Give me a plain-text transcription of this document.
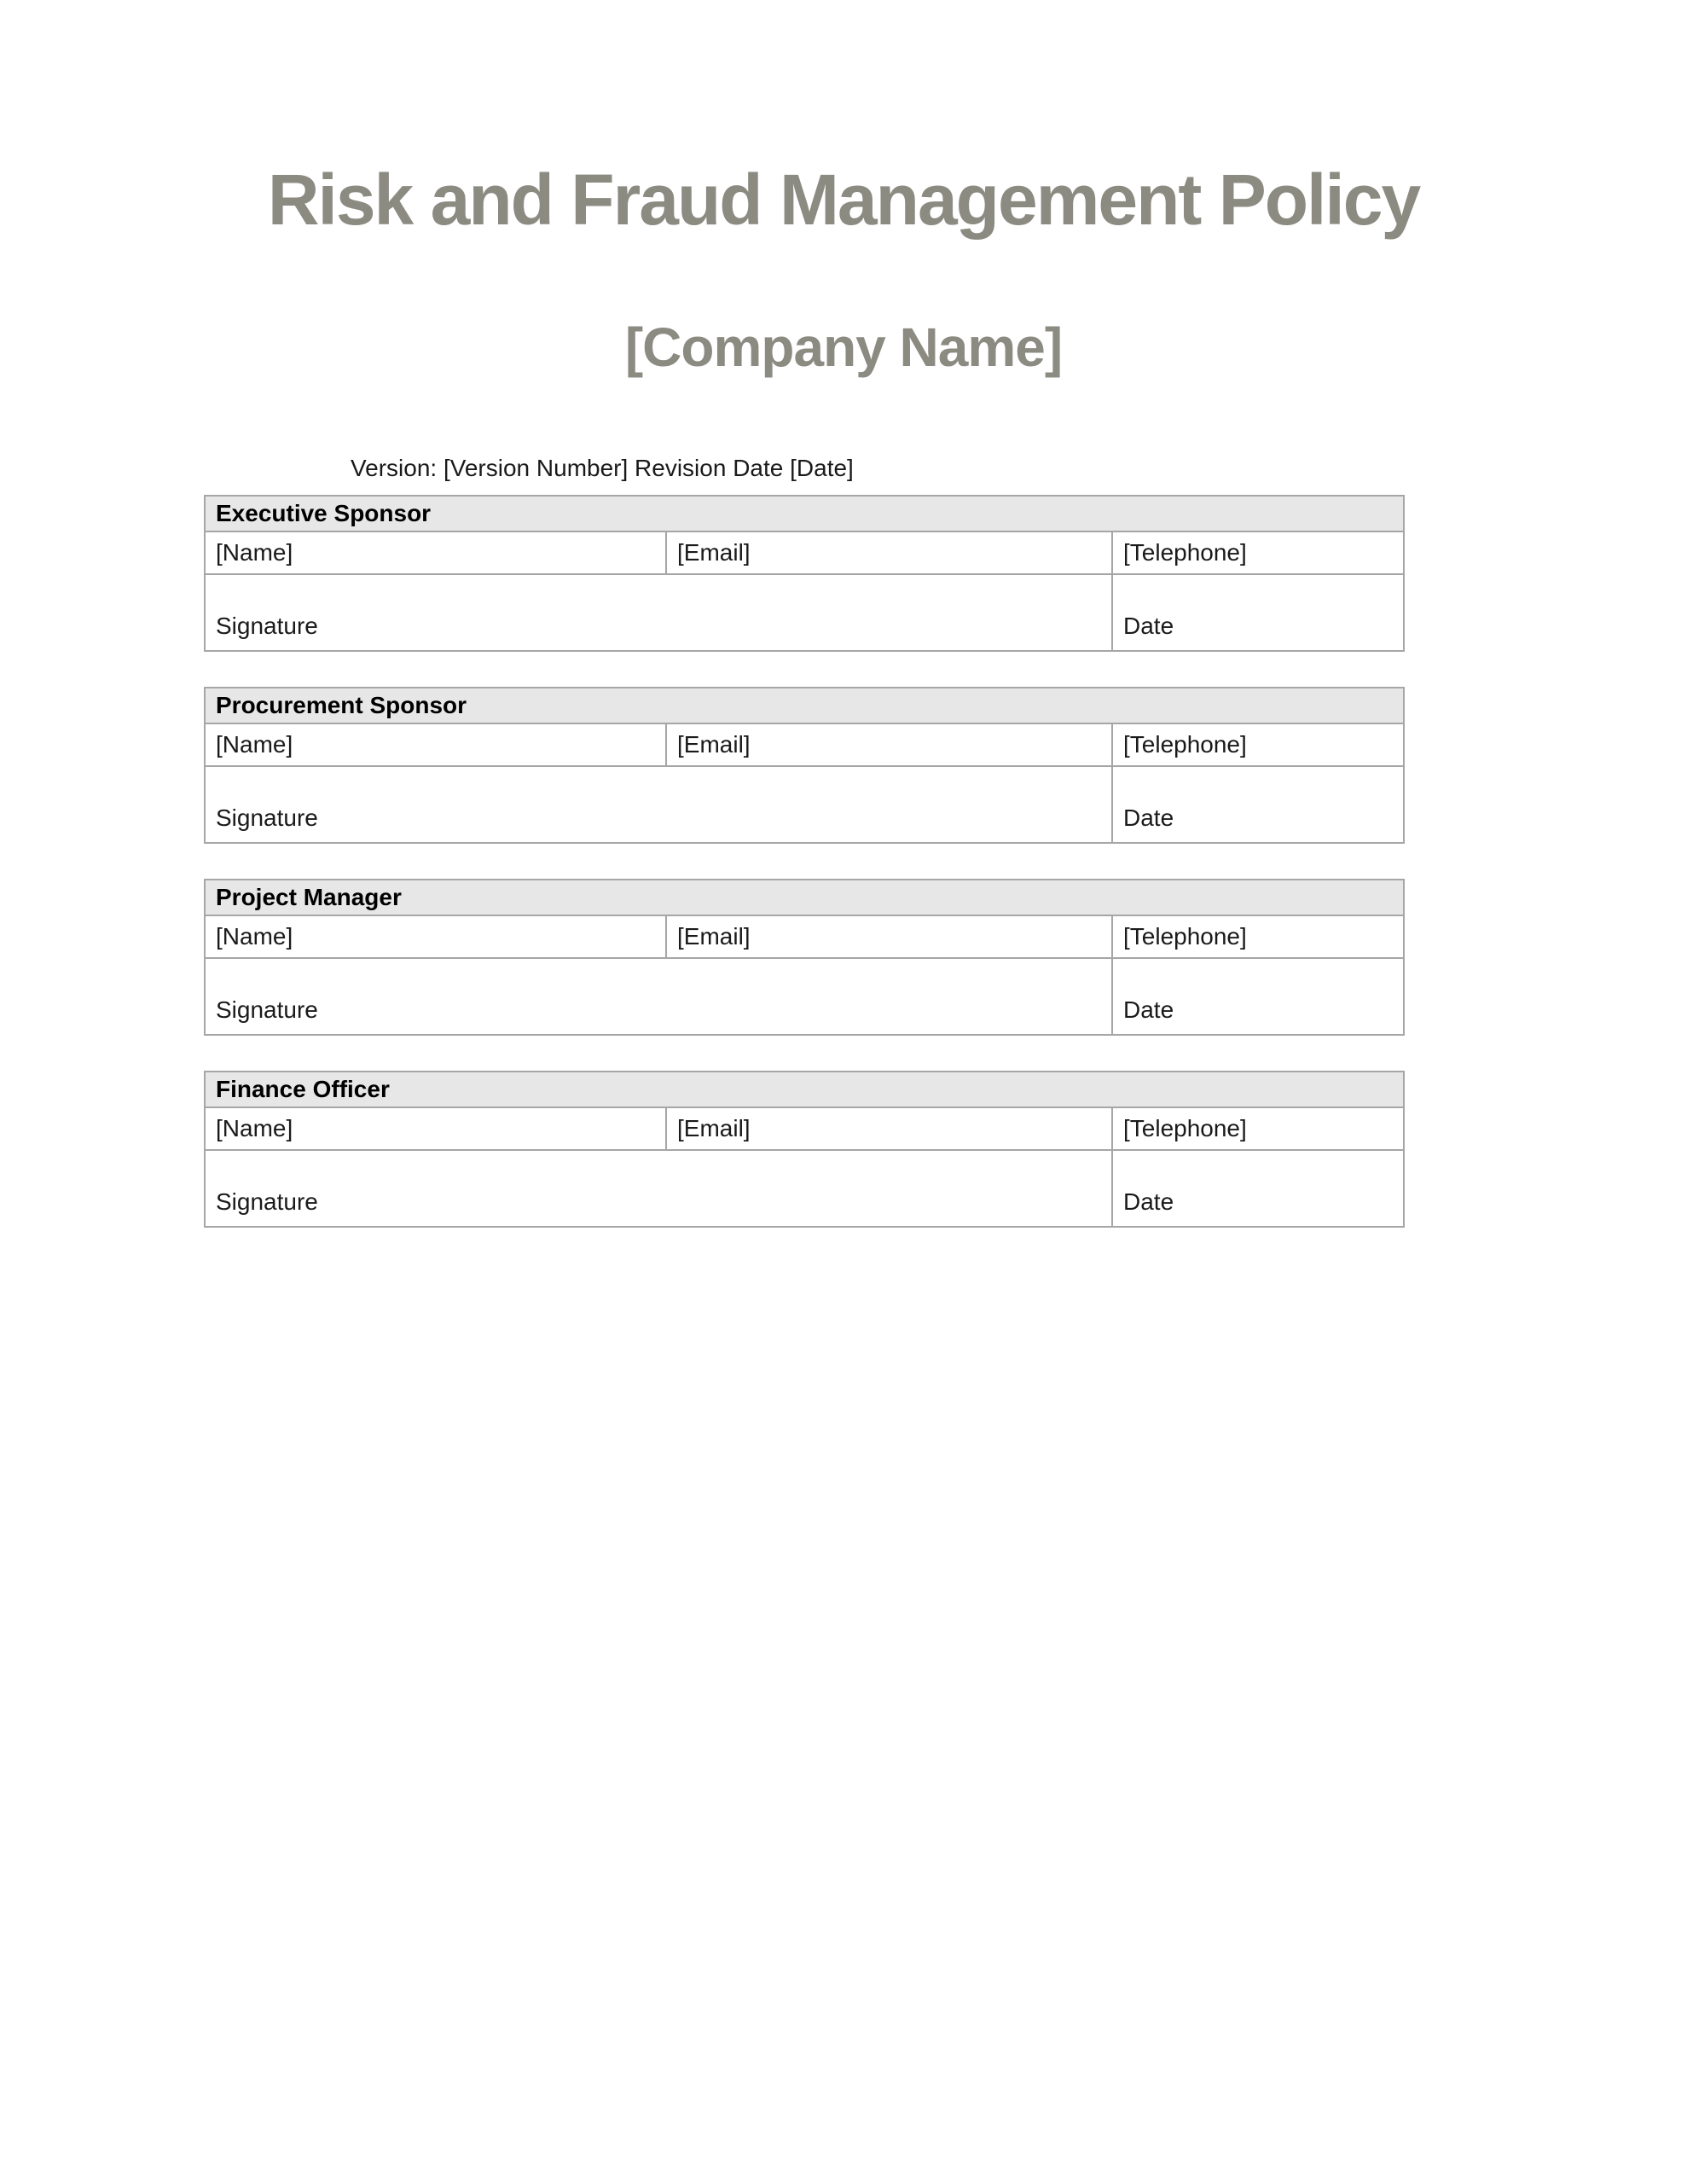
Risk and Fraud Management Policy
[Company Name]

Version: [Version Number] Revision Date [Date]

Executive Sponsor		
[Name]	[Email]	[Telephone]
Signature		Date
Procurement Sponsor		
[Name]	[Email]	[Telephone]
Signature		Date
Project Manager		
[Name]	[Email]	[Telephone]
Signature		Date
Finance Officer		
[Name]	[Email]	[Telephone]
Signature		Date
